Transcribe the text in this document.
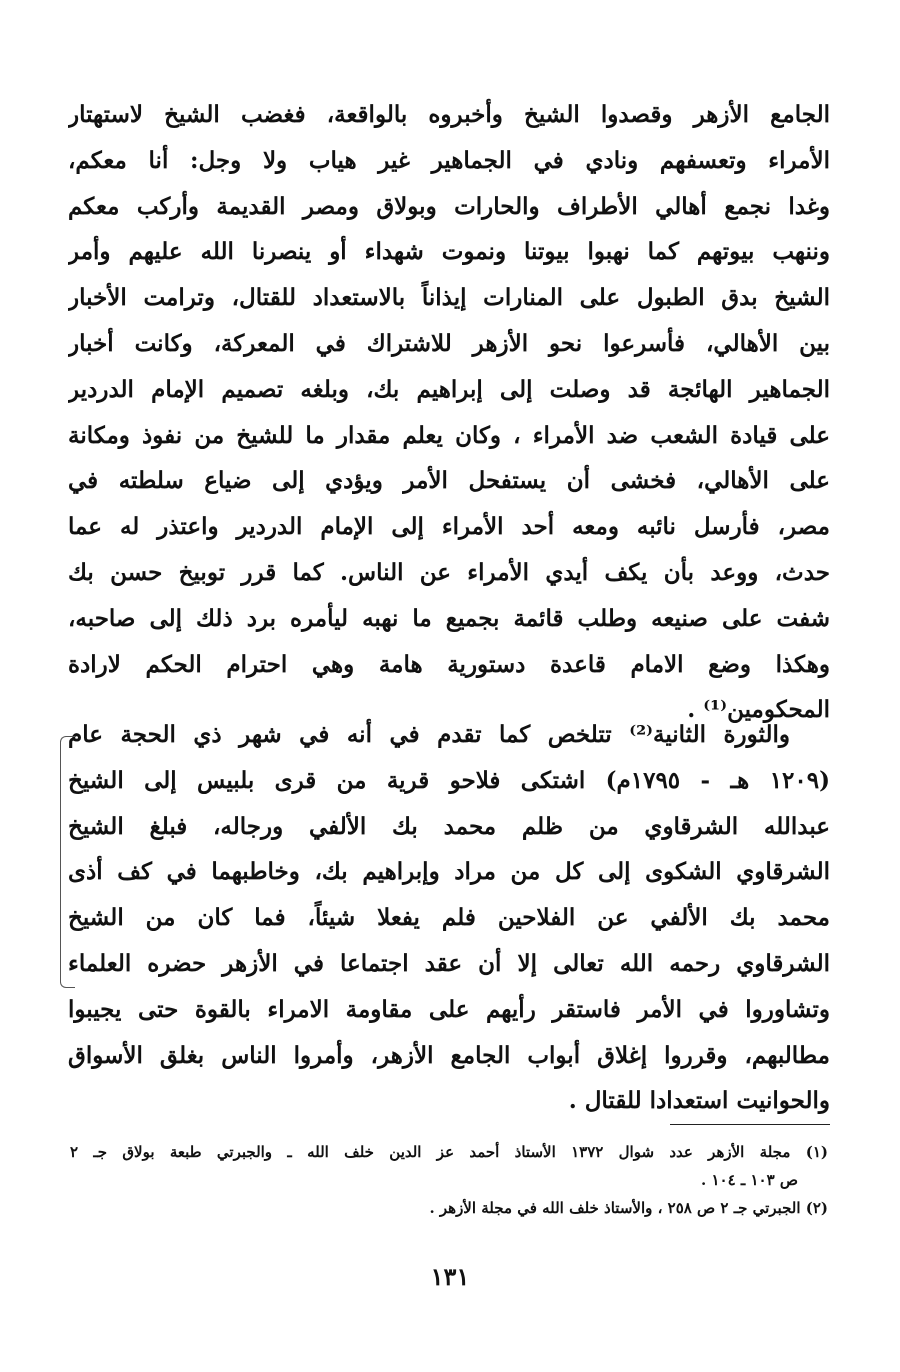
الجامع الأزهر وقصدوا الشيخ وأخبروه بالواقعة، فغضب الشيخ لاستهتار
الأمراء وتعسفهم ونادي في الجماهير غير هياب ولا وجل: أنا معكم،
وغدا نجمع أهالي الأطراف والحارات وبولاق ومصر القديمة وأركب معكم
وننهب بيوتهم كما نهبوا بيوتنا ونموت شهداء أو ينصرنا الله عليهم وأمر
الشيخ بدق الطبول على المنارات إيذاناً بالاستعداد للقتال، وترامت الأخبار
بين الأهالي، فأسرعوا نحو الأزهر للاشتراك في المعركة، وكانت أخبار
الجماهير الهائجة قد وصلت إلى إبراهيم بك، وبلغه تصميم الإمام الدردير
على قيادة الشعب ضد الأمراء ، وكان يعلم مقدار ما للشيخ من نفوذ ومكانة
على الأهالي، فخشى أن يستفحل الأمر ويؤدي إلى ضياع سلطته في
مصر، فأرسل نائبه ومعه أحد الأمراء إلى الإمام الدردير واعتذر له عما
حدث، ووعد بأن يكف أيدي الأمراء عن الناس. كما قرر توبيخ حسن بك
شفت على صنيعه وطلب قائمة بجميع ما نهبه ليأمره برد ذلك إلى صاحبه،
وهكذا وضع الامام قاعدة دستورية هامة وهي احترام الحكم لارادة
المحكومين⁽¹⁾ .
والثورة الثانية⁽²⁾ تتلخص كما تقدم في أنه في شهر ذي الحجة عام
(١٢٠٩ هـ - ١٧٩٥م) اشتكى فلاحو قرية من قرى بلبيس إلى الشيخ
عبدالله الشرقاوي من ظلم محمد بك الألفي ورجاله، فبلغ الشيخ
الشرقاوي الشكوى إلى كل من مراد وإبراهيم بك، وخاطبهما في كف أذى
محمد بك الألفي عن الفلاحين فلم يفعلا شيئاً، فما كان من الشيخ
الشرقاوي رحمه الله تعالى إلا أن عقد اجتماعا في الأزهر حضره العلماء
وتشاوروا في الأمر فاستقر رأيهم على مقاومة الامراء بالقوة حتى يجيبوا
مطالبهم، وقرروا إغلاق أبواب الجامع الأزهر، وأمروا الناس بغلق الأسواق
والحوانيت استعدادا للقتال .
(١) مجلة الأزهر عدد شوال ١٣٧٢ الأستاذ أحمد عز الدين خلف الله ـ والجبرتي طبعة بولاق جـ ٢
ص ١٠٣ ـ ١٠٤ .
(٢) الجبرتي جـ ٢ ص ٢٥٨ ، والأستاذ خلف الله في مجلة الأزهر .
١٣١
